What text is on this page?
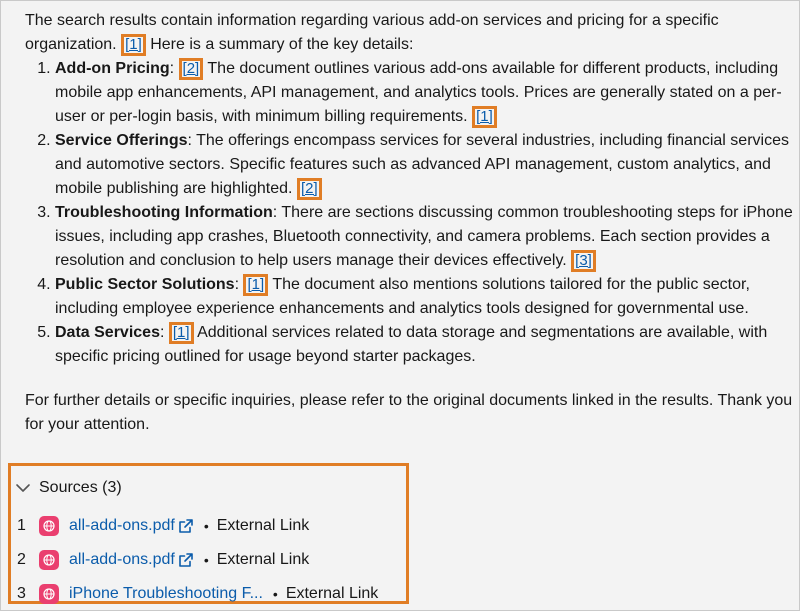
The search results contain information regarding various add-on services and pricing for a specific organization. [1] Here is a summary of the key details:

1. Add-on Pricing: [2] The document outlines various add-ons available for different products, including mobile app enhancements, API management, and analytics tools. Prices are generally stated on a per-user or per-login basis, with minimum billing requirements. [1]
2. Service Offerings: The offerings encompass services for several industries, including financial services and automotive sectors. Specific features such as advanced API management, custom analytics, and mobile publishing are highlighted. [2]
3. Troubleshooting Information: There are sections discussing common troubleshooting steps for iPhone issues, including app crashes, Bluetooth connectivity, and camera problems. Each section provides a resolution and conclusion to help users manage their devices effectively. [3]
4. Public Sector Solutions: [1] The document also mentions solutions tailored for the public sector, including employee experience enhancements and analytics tools designed for governmental use.
5. Data Services: [1] Additional services related to data storage and segmentations are available, with specific pricing outlined for usage beyond starter packages.

For further details or specific inquiries, please refer to the original documents linked in the results. Thank you for your attention.

Sources (3)
1	all-add-ons.pdf • External Link
2	all-add-ons.pdf • External Link
3	iPhone Troubleshooting F... • External Link
